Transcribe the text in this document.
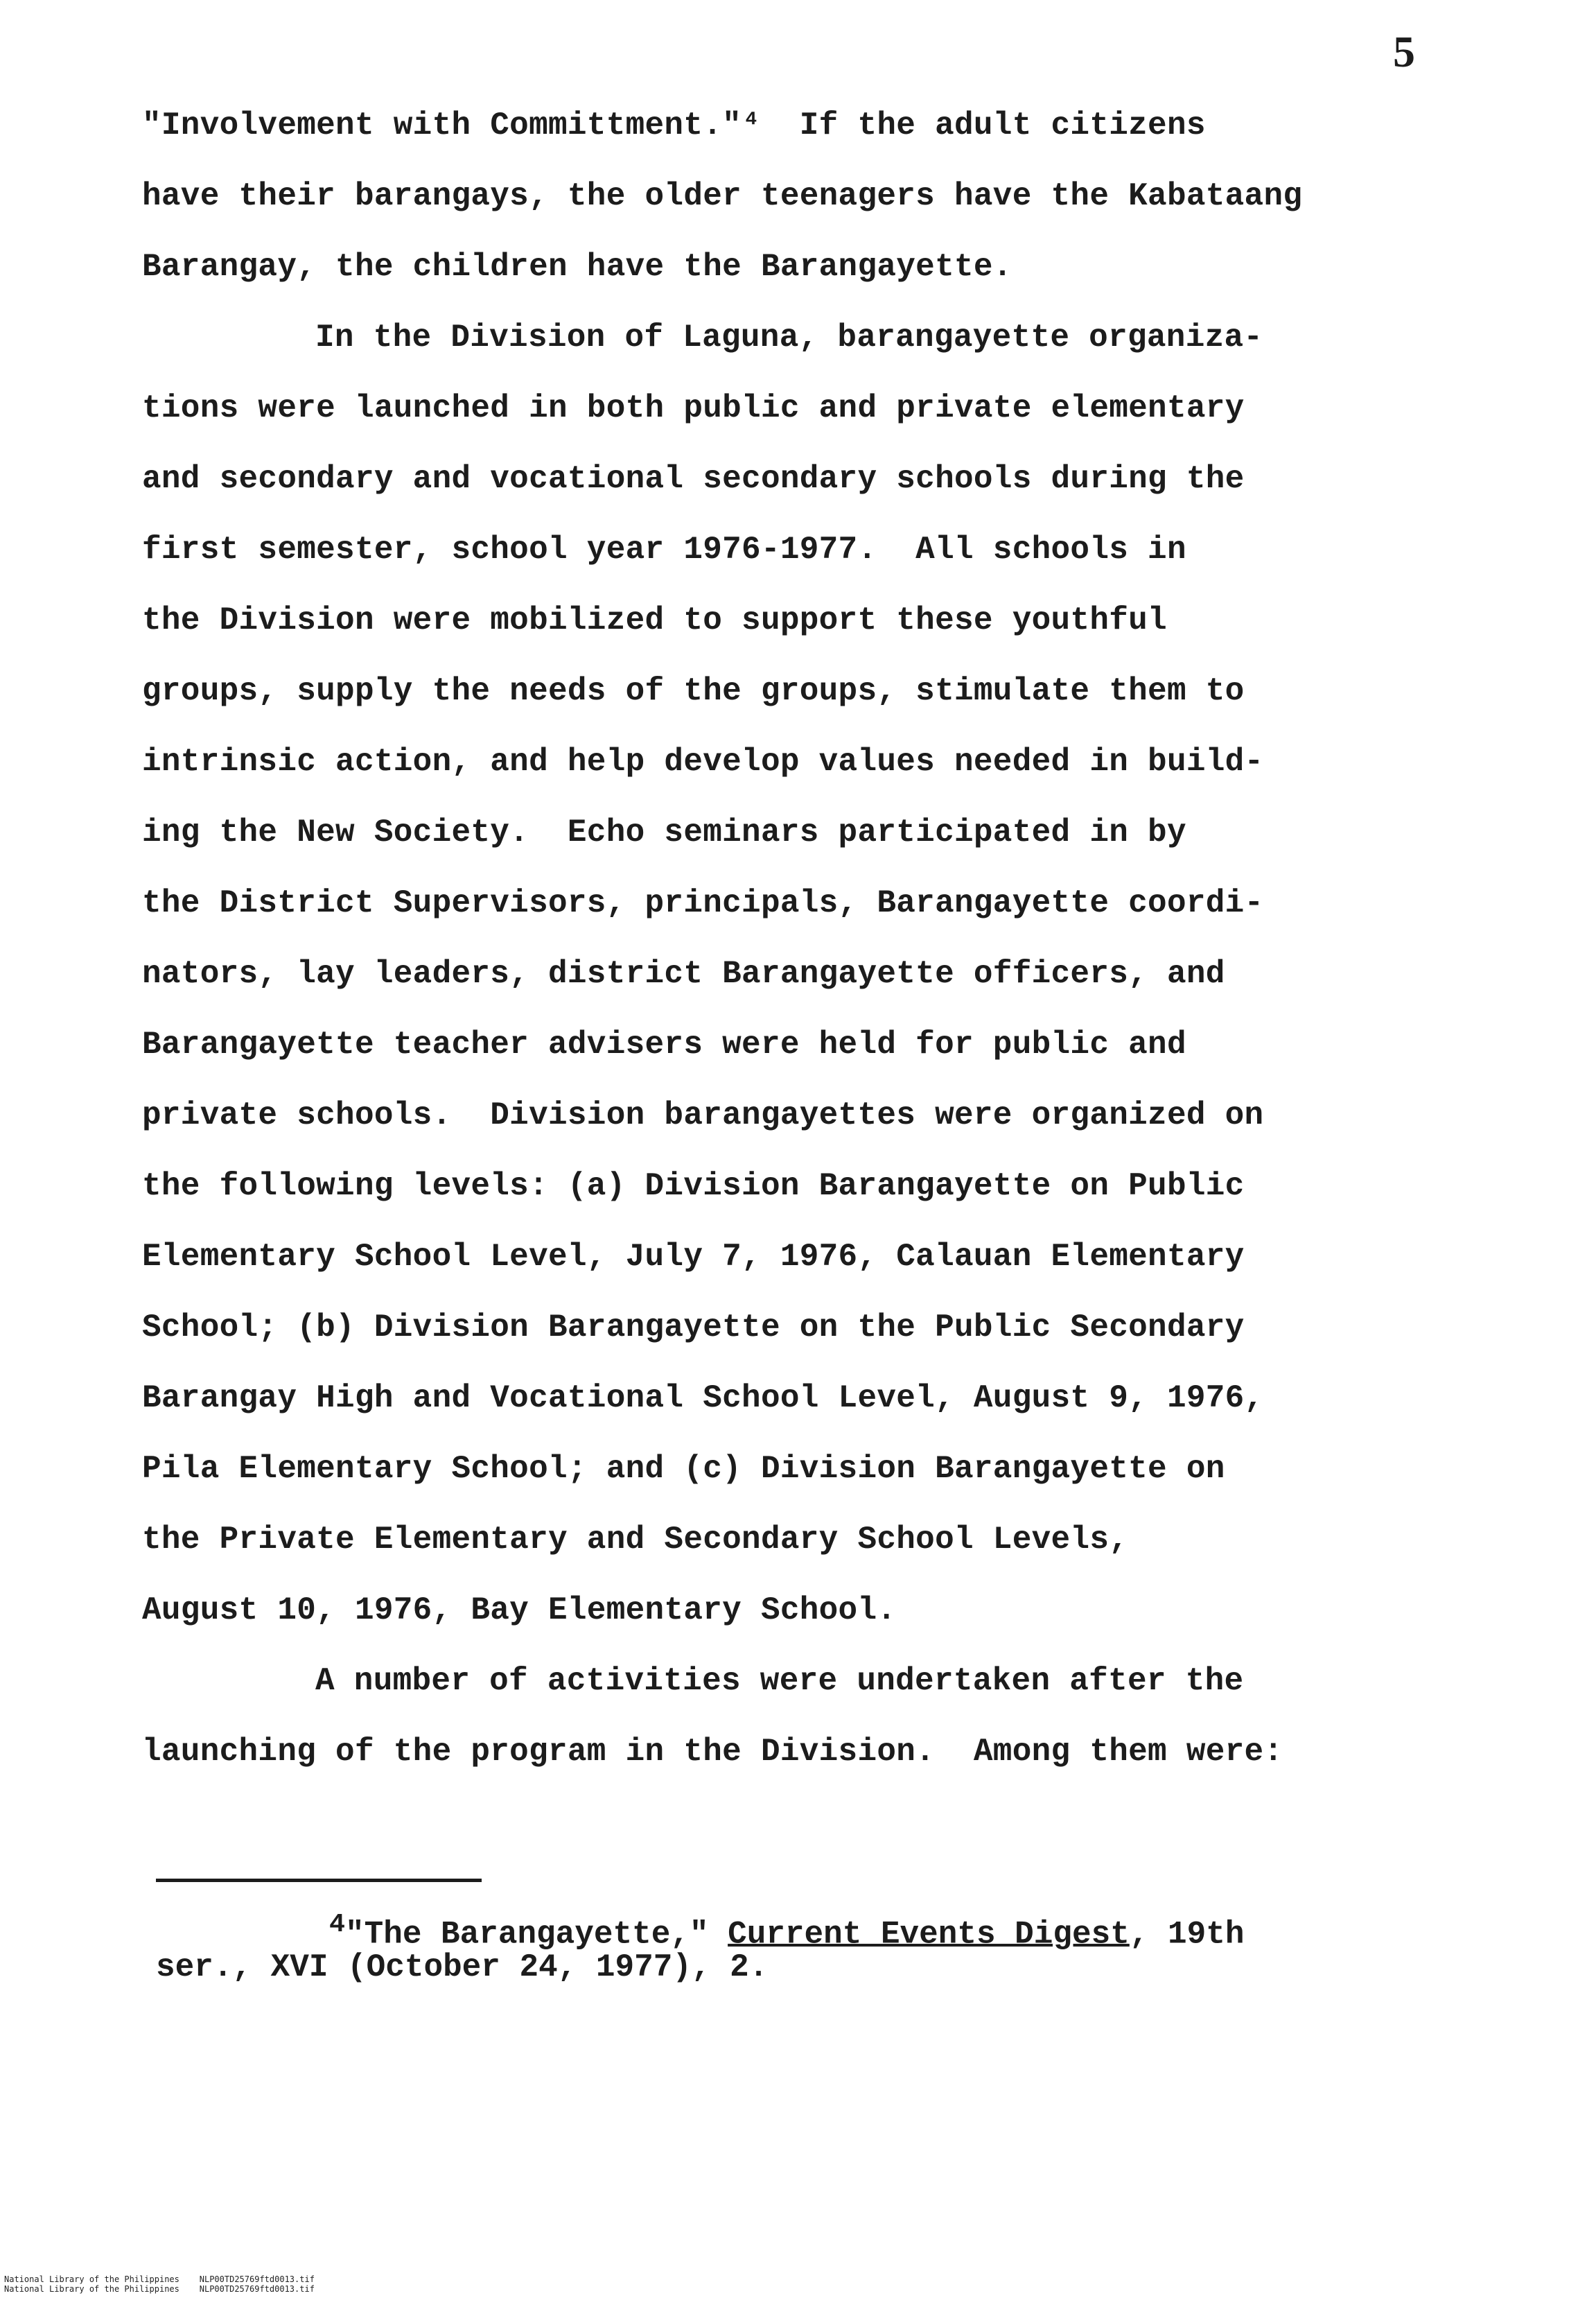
5
"Involvement with Committment."⁴  If the adult citizens
have their barangays, the older teenagers have the Kabataang
Barangay, the children have the Barangayette.
In the Division of Laguna, barangayette organiza-
tions were launched in both public and private elementary
and secondary and vocational secondary schools during the
first semester, school year 1976-1977.  All schools in
the Division were mobilized to support these youthful
groups, supply the needs of the groups, stimulate them to
intrinsic action, and help develop values needed in build-
ing the New Society.  Echo seminars participated in by
the District Supervisors, principals, Barangayette coordi-
nators, lay leaders, district Barangayette officers, and
Barangayette teacher advisers were held for public and
private schools.  Division barangayettes were organized on
the following levels: (a) Division Barangayette on Public
Elementary School Level, July 7, 1976, Calauan Elementary
School; (b) Division Barangayette on the Public Secondary
Barangay High and Vocational School Level, August 9, 1976,
Pila Elementary School; and (c) Division Barangayette on
the Private Elementary and Secondary School Levels,
August 10, 1976, Bay Elementary School.
A number of activities were undertaken after the
launching of the program in the Division.  Among them were:
$^4$"The Barangayette," Current Events Digest, 19th
ser., XVI (October 24, 1977), 2.
National Library of the Philippines    NLP00TD25769ftd0013.tif
National Library of the Philippines    NLP00TD25769ftd0013.tif
